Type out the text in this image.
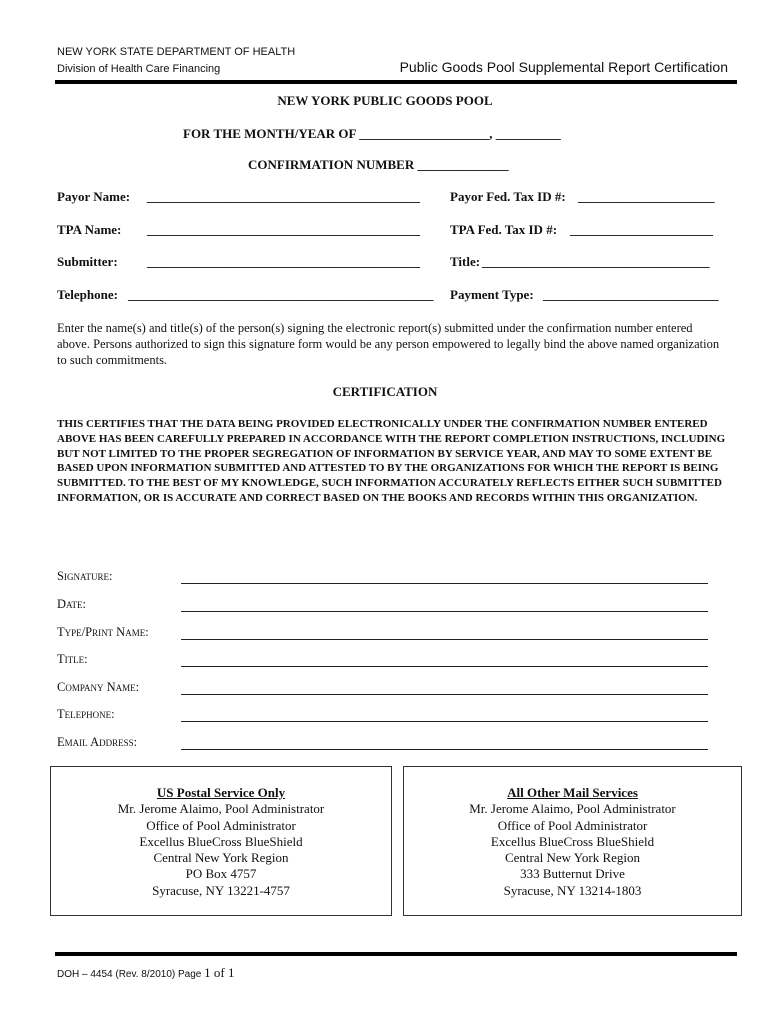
NEW YORK STATE DEPARTMENT OF HEALTH
Division of Health Care Financing	Public Goods Pool Supplemental Report Certification
NEW YORK PUBLIC GOODS POOL
FOR THE MONTH/YEAR OF ____________________, __________
CONFIRMATION NUMBER ______________
Payor Name: __________________________________________ Payor Fed. Tax ID #: _____________________
TPA Name: __________________________________________ TPA Fed. Tax ID #: ______________________
Submitter: __________________________________________ Title: ___________________________________
Telephone: _______________________________________________ Payment Type: ___________________________
Enter the name(s) and title(s) of the person(s) signing the electronic report(s) submitted under the confirmation number entered above. Persons authorized to sign this signature form would be any person empowered to legally bind the above named organization to such commitments.
CERTIFICATION
THIS CERTIFIES THAT THE DATA BEING PROVIDED ELECTRONICALLY UNDER THE CONFIRMATION NUMBER ENTERED ABOVE HAS BEEN CAREFULLY PREPARED IN ACCORDANCE WITH THE REPORT COMPLETION INSTRUCTIONS, INCLUDING BUT NOT LIMITED TO THE PROPER SEGREGATION OF INFORMATION BY SERVICE YEAR, AND MAY TO SOME EXTENT BE BASED UPON INFORMATION SUBMITTED AND ATTESTED TO BY THE ORGANIZATIONS FOR WHICH THE REPORT IS BEING SUBMITTED. TO THE BEST OF MY KNOWLEDGE, SUCH INFORMATION ACCURATELY REFLECTS EITHER SUCH SUBMITTED INFORMATION, OR IS ACCURATE AND CORRECT BASED ON THE BOOKS AND RECORDS WITHIN THIS ORGANIZATION.
Signature:
Date:
Type/Print Name:
Title:
Company Name:
Telephone:
Email Address:
US Postal Service Only
Mr. Jerome Alaimo, Pool Administrator
Office of Pool Administrator
Excellus BlueCross BlueShield
Central New York Region
PO Box 4757
Syracuse, NY 13221-4757
All Other Mail Services
Mr. Jerome Alaimo, Pool Administrator
Office of Pool Administrator
Excellus BlueCross BlueShield
Central New York Region
333 Butternut Drive
Syracuse, NY 13214-1803
DOH – 4454 (Rev. 8/2010) Page 1 of 1
